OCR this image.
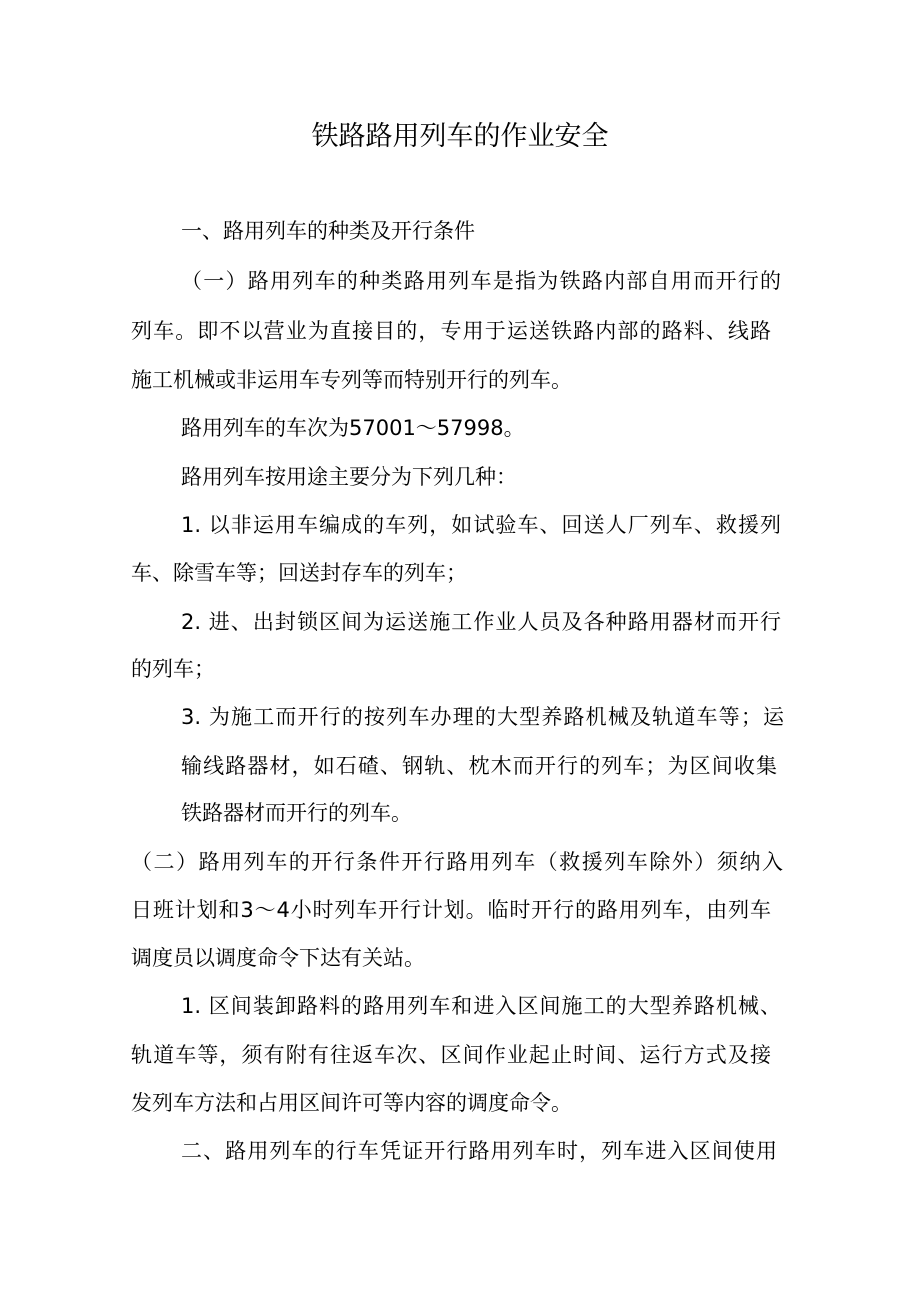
铁路路用列车的作业安全
一、路用列车的种类及开行条件
（一）路用列车的种类路用列车是指为铁路内部自用而开行的
列车。即不以营业为直接目的，专用于运送铁路内部的路料、线路
施工机械或非运用车专列等而特别开行的列车。
路用列车的车次为57001～57998。
路用列车按用途主要分为下列几种：
1. 以非运用车编成的车列，如试验车、回送人厂列车、救援列
车、除雪车等；回送封存车的列车；
2. 进、出封锁区间为运送施工作业人员及各种路用器材而开行
的列车；
3. 为施工而开行的按列车办理的大型养路机械及轨道车等；运
输线路器材，如石碴、钢轨、枕木而开行的列车；为区间收集
铁路器材而开行的列车。
（二）路用列车的开行条件开行路用列车（救援列车除外）须纳入
日班计划和3～4小时列车开行计划。临时开行的路用列车，由列车
调度员以调度命令下达有关站。
1. 区间装卸路料的路用列车和进入区间施工的大型养路机械、
轨道车等，须有附有往返车次、区间作业起止时间、运行方式及接
发列车方法和占用区间许可等内容的调度命令。
二、路用列车的行车凭证开行路用列车时，列车进入区间使用
